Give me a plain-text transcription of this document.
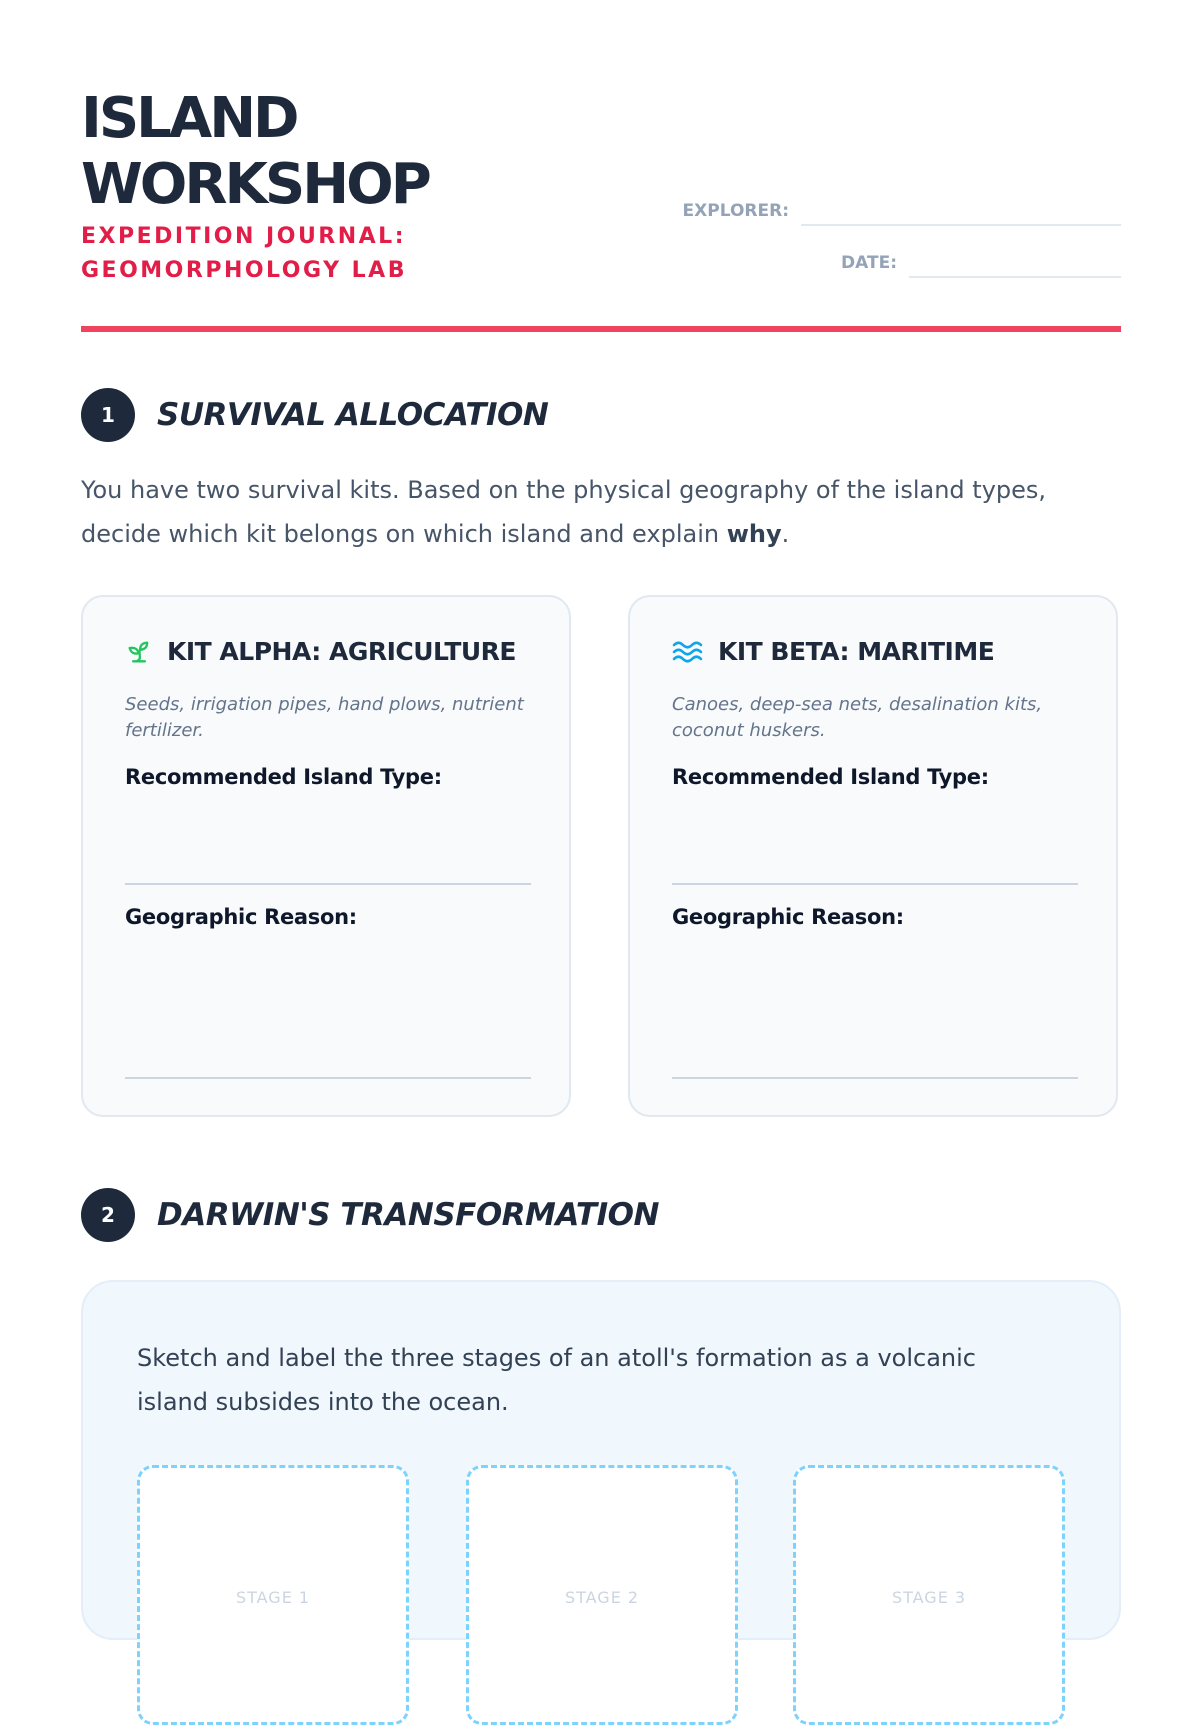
ISLAND
WORKSHOP

EXPEDITION JOURNAL: GEOMORPHOLOGY LAB

EXPLORER:
DATE:
1	SURVIVAL ALLOCATION

You have two survival kits. Based on the physical geography of the island types, decide which kit belongs on which island and explain why.

KIT ALPHA: AGRICULTURE

Seeds, irrigation pipes, hand plows, nutrient fertilizer.

Recommended Island Type:

Geographic Reason:

KIT BETA: MARITIME

Canoes, deep-sea nets, desalination kits, coconut huskers.

Recommended Island Type:

Geographic Reason:

2	DARWIN'S TRANSFORMATION

Sketch and label the three stages of an atoll's formation as a volcanic island subsides into the ocean.

STAGE 1	STAGE 2	STAGE 3
